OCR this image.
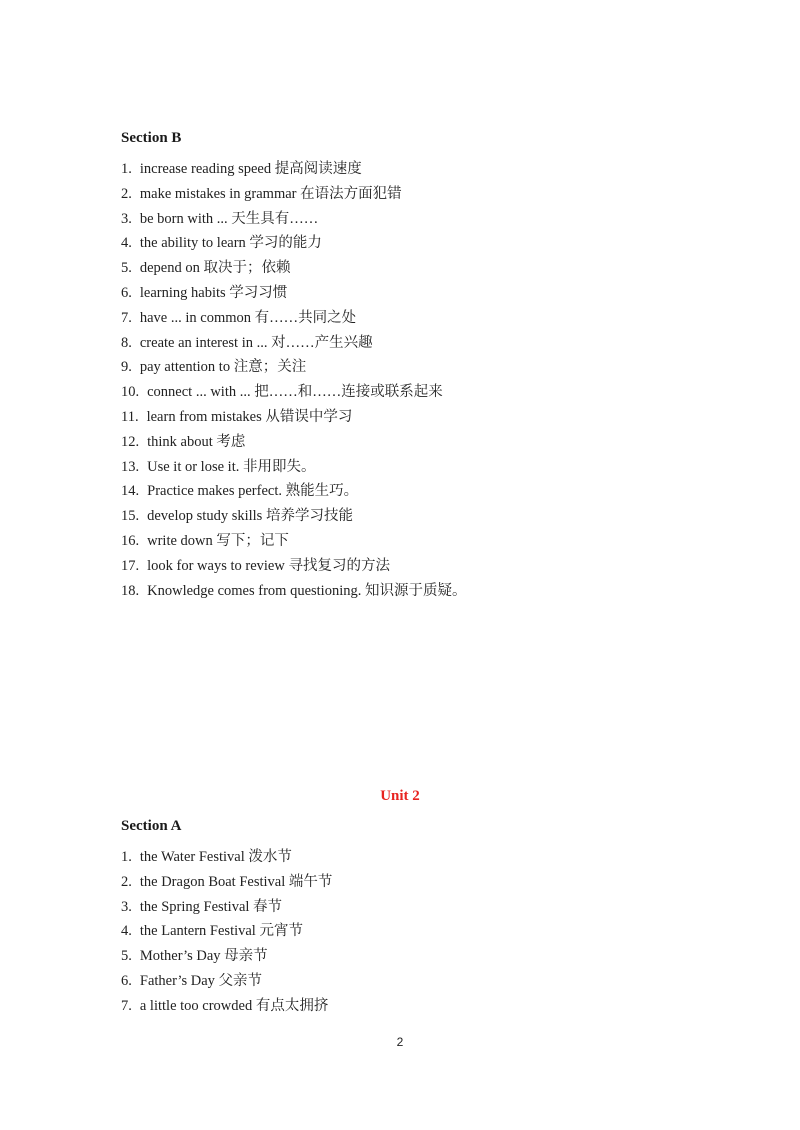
Section B
1. increase reading speed 提高阅读速度
2. make mistakes in grammar 在语法方面犯错
3. be born with ... 天生具有……
4. the ability to learn 学习的能力
5. depend on 取决于；依赖
6. learning habits 学习习惯
7. have ... in common 有……共同之处
8. create an interest in ... 对……产生兴趣
9. pay attention to 注意；关注
10. connect ... with ... 把……和……连接或联系起来
11. learn from mistakes 从错误中学习
12. think about 考虑
13. Use it or lose it. 非用即失。
14. Practice makes perfect. 熟能生巧。
15. develop study skills 培养学习技能
16. write down 写下；记下
17. look for ways to review 寻找复习的方法
18. Knowledge comes from questioning. 知识源于质疑。
Unit 2
Section A
1. the Water Festival 泼水节
2. the Dragon Boat Festival 端午节
3. the Spring Festival 春节
4. the Lantern Festival 元宵节
5. Mother’s Day 母亲节
6. Father’s Day 父亲节
7. a little too crowded 有点太拥挤
2
